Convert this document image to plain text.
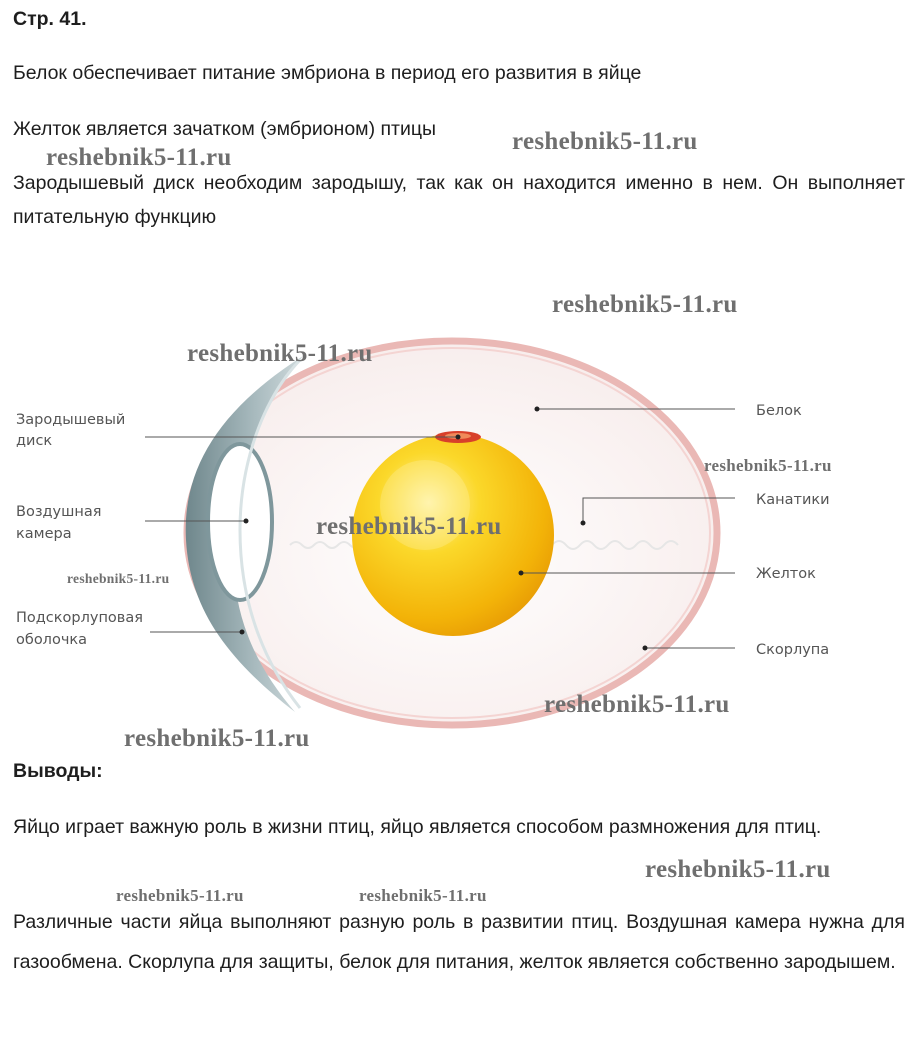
Стр. 41.
Белок обеспечивает питание эмбриона в период его развития в яйце
Желток является зачатком (эмбрионом) птицы
Зародышевый диск необходим зародышу, так как он находится именно в нем. Он выполняет питательную функцию
Зародышевый
диск
Воздушная
камера
Подскорлуповая
оболочка
Белок
Канатики
Желток
Скорлупа
Выводы:
Яйцо играет важную роль в жизни птиц, яйцо является способом размножения для птиц.
Различные части яйца выполняют разную роль в развитии птиц. Воздушная камера нужна для газообмена. Скорлупа для защиты, белок для питания, желток является собственно зародышем.
reshebnik5-11.ru
reshebnik5-11.ru
reshebnik5-11.ru
reshebnik5-11.ru
reshebnik5-11.ru
reshebnik5-11.ru
reshebnik5-11.ru
reshebnik5-11.ru
reshebnik5-11.ru
reshebnik5-11.ru
reshebnik5-11.ru	reshebnik5-11.ru
